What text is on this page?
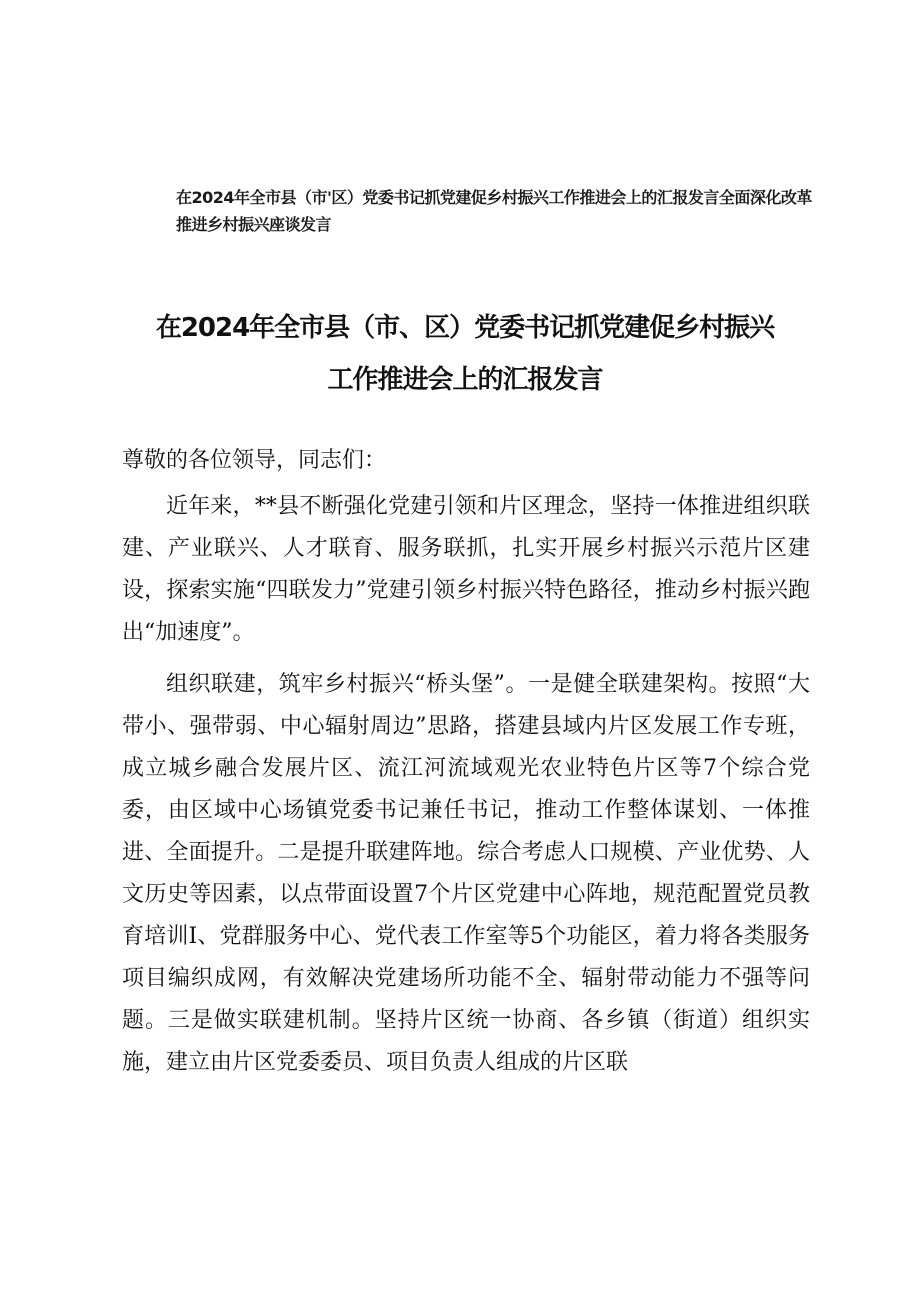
在2024年全市县（市'区）党委书记抓党建促乡村振兴工作推进会上的汇报发言全面深化改革推进乡村振兴座谈发言
在2024年全市县（市、区）党委书记抓党建促乡村振兴
工作推进会上的汇报发言

尊敬的各位领导，同志们：

近年来，**县不断强化党建引领和片区理念，坚持一体推进组织联建、产业联兴、人才联育、服务联抓，扎实开展乡村振兴示范片区建设，探索实施“四联发力”党建引领乡村振兴特色路径，推动乡村振兴跑出“加速度”。

组织联建，筑牢乡村振兴“桥头堡”。一是健全联建架构。按照“大带小、强带弱、中心辐射周边”思路，搭建县域内片区发展工作专班，成立城乡融合发展片区、流江河流域观光农业特色片区等7个综合党委，由区域中心场镇党委书记兼任书记，推动工作整体谋划、一体推进、全面提升。二是提升联建阵地。综合考虑人口规模、产业优势、人文历史等因素，以点带面设置7个片区党建中心阵地，规范配置党员教育培训I、党群服务中心、党代表工作室等5个功能区，着力将各类服务项目编织成网，有效解决党建场所功能不全、辐射带动能力不强等问题。三是做实联建机制。坚持片区统一协商、各乡镇（街道）组织实施，建立由片区党委委员、项目负责人组成的片区联
